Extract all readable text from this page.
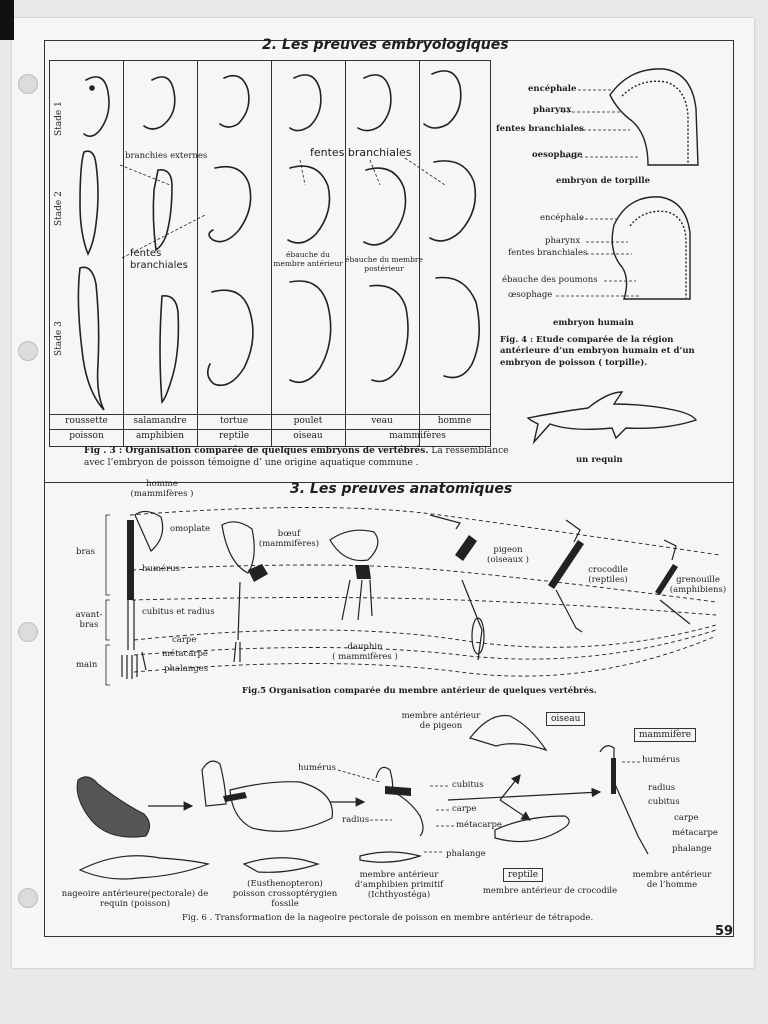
2. Les preuves embryologiques
Stade 1
Stade 2
Stade 3
roussette	salamandre	tortue	poulet	veau	homme
poisson	amphibien	reptile	oiseau	mammifères
branchies externes	fentes branchiales
fentes branchiales
ébauche du membre antérieur ébauche du membre postérieur
Fig . 3 : Organisation comparée de quelques embryons de vertébrés. La ressemblance avec l’embryon de poisson témoigne d’ une origine aquatique commune .
encéphale
pharynx
fentes branchiales
oesophage
embryon de torpille
encéphale
pharynx
fentes branchiales
ébauche des poumons
œsophage
embryon humain
Fig. 4 : Etude comparée de la région antérieure d’un embryon humain et d’un embryon de poisson ( torpille).
un requin
3. Les preuves anatomiques
bras
avant-bras
main
omoplate
humérus
cubitus et radius
carpe
métacarpe
phalanges
homme
(mammifères )
bœuf
(mammifères)
pigeon
(oiseaux )
crocodile
(reptiles)	grenouille
(amphibiens)
dauphin
( mammifères )
Fig.5 Organisation comparée du membre antérieur de quelques vertébrés.
membre antérieur de pigeon
oiseau
mammifère
reptile
humérus
cubitus
radius
carpe
métacarpe
phalange
humérus
radius
cubitus
carpe
métacarpe
phalange
nageoire antérieure(pectorale) de requin (poisson)
(Eusthenopteron) poisson crossoptérygien fossile
membre antérieur d’amphibien primitif (Ichthyostéga)	membre antérieur de crocodile
membre antérieur de l’homme
Fig. 6 . Transformation de la nageoire pectorale de poisson en membre antérieur de tétrapode.
59
